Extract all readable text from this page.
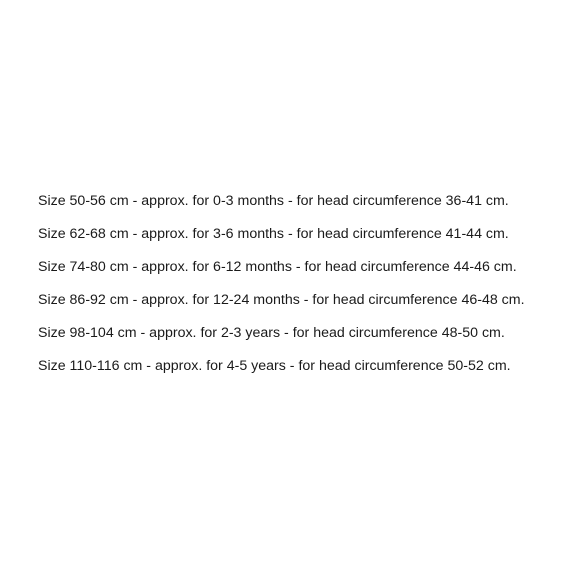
Size 50-56 cm - approx. for 0-3 months - for head circumference 36-41 cm.
Size 62-68 cm - approx. for 3-6 months - for head circumference 41-44 cm.
Size 74-80 cm - approx. for 6-12 months - for head circumference 44-46 cm.
Size 86-92 cm - approx. for 12-24 months - for head circumference 46-48 cm.
Size 98-104 cm - approx. for 2-3 years - for head circumference 48-50 cm.
Size 110-116 cm - approx. for 4-5 years - for head circumference 50-52 cm.
